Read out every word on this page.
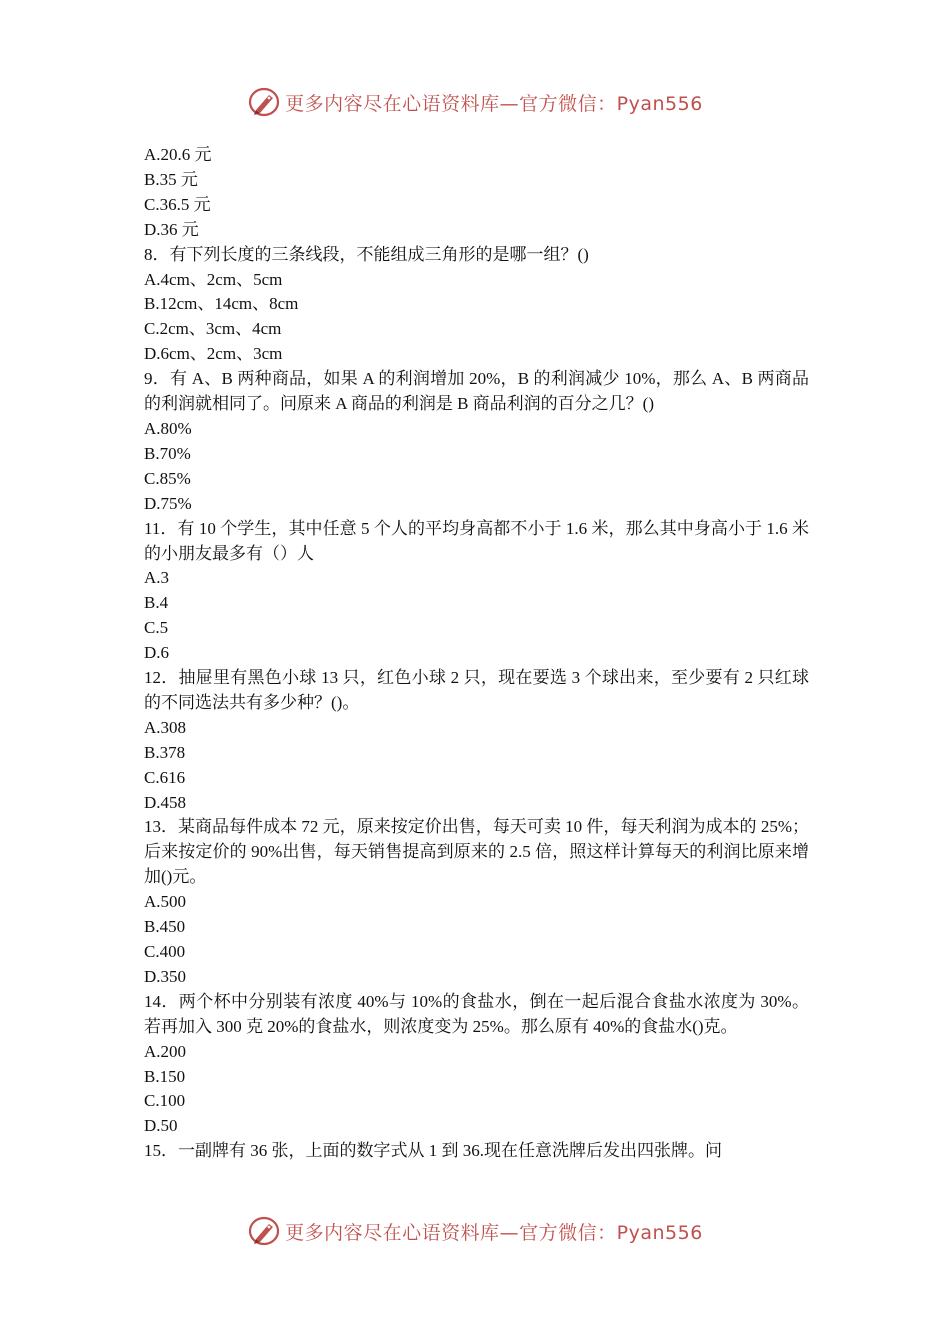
更多内容尽在心语资料库—官方微信：Pyan556
A.20.6 元
B.35 元
C.36.5 元
D.36 元
8．有下列长度的三条线段，不能组成三角形的是哪一组？()
A.4cm、2cm、5cm
B.12cm、14cm、8cm
C.2cm、3cm、4cm
D.6cm、2cm、3cm
9．有 A、B 两种商品，如果 A 的利润增加 20%，B 的利润减少 10%，那么 A、B 两商品的利润就相同了。问原来 A 商品的利润是 B 商品利润的百分之几？()
A.80%
B.70%
C.85%
D.75%
11．有 10 个学生，其中任意 5 个人的平均身高都不小于 1.6 米，那么其中身高小于 1.6 米的小朋友最多有（）人
A.3
B.4
C.5
D.6
12．抽屉里有黑色小球 13 只，红色小球 2 只，现在要选 3 个球出来，至少要有 2 只红球的不同选法共有多少种？()。
A.308
B.378
C.616
D.458
13．某商品每件成本 72 元，原来按定价出售，每天可卖 10 件，每天利润为成本的 25%；后来按定价的 90%出售，每天销售提高到原来的 2.5 倍，照这样计算每天的利润比原来增加()元。
A.500
B.450
C.400
D.350
14．两个杯中分别装有浓度 40%与 10%的食盐水，倒在一起后混合食盐水浓度为 30%。若再加入 300 克 20%的食盐水，则浓度变为 25%。那么原有 40%的食盐水()克。
A.200
B.150
C.100
D.50
15．一副牌有 36 张，上面的数字式从 1 到 36.现在任意洗牌后发出四张牌。问
更多内容尽在心语资料库—官方微信：Pyan556
